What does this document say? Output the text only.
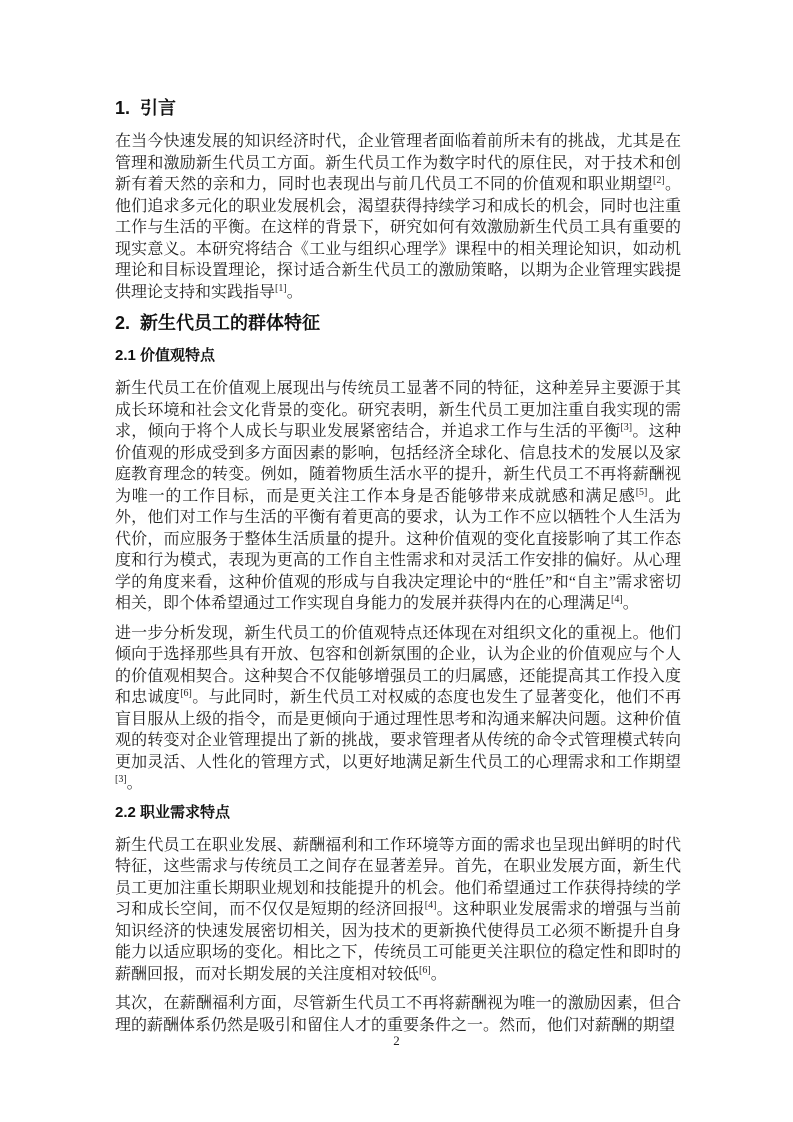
1.  引言

在当今快速发展的知识经济时代，企业管理者面临着前所未有的挑战，尤其是在管理和激励新生代员工方面。新生代员工作为数字时代的原住民，对于技术和创新有着天然的亲和力，同时也表现出与前几代员工不同的价值观和职业期望[2]。他们追求多元化的职业发展机会，渴望获得持续学习和成长的机会，同时也注重工作与生活的平衡。在这样的背景下，研究如何有效激励新生代员工具有重要的现实意义。本研究将结合《工业与组织心理学》课程中的相关理论知识，如动机理论和目标设置理论，探讨适合新生代员工的激励策略，以期为企业管理实践提供理论支持和实践指导[1]。

2.  新生代员工的群体特征
2.1 价值观特点

新生代员工在价值观上展现出与传统员工显著不同的特征，这种差异主要源于其成长环境和社会文化背景的变化。研究表明，新生代员工更加注重自我实现的需求，倾向于将个人成长与职业发展紧密结合，并追求工作与生活的平衡[3]。这种价值观的形成受到多方面因素的影响，包括经济全球化、信息技术的发展以及家庭教育理念的转变。例如，随着物质生活水平的提升，新生代员工不再将薪酬视为唯一的工作目标，而是更关注工作本身是否能够带来成就感和满足感[5]。此外，他们对工作与生活的平衡有着更高的要求，认为工作不应以牺牲个人生活为代价，而应服务于整体生活质量的提升。这种价值观的变化直接影响了其工作态度和行为模式，表现为更高的工作自主性需求和对灵活工作安排的偏好。从心理学的角度来看，这种价值观的形成与自我决定理论中的“胜任”和“自主”需求密切相关，即个体希望通过工作实现自身能力的发展并获得内在的心理满足[4]。

进一步分析发现，新生代员工的价值观特点还体现在对组织文化的重视上。他们倾向于选择那些具有开放、包容和创新氛围的企业，认为企业的价值观应与个人的价值观相契合。这种契合不仅能够增强员工的归属感，还能提高其工作投入度和忠诚度[6]。与此同时，新生代员工对权威的态度也发生了显著变化，他们不再盲目服从上级的指令，而是更倾向于通过理性思考和沟通来解决问题。这种价值观的转变对企业管理提出了新的挑战，要求管理者从传统的命令式管理模式转向更加灵活、人性化的管理方式，以更好地满足新生代员工的心理需求和工作期望[3]。

2.2 职业需求特点

新生代员工在职业发展、薪酬福利和工作环境等方面的需求也呈现出鲜明的时代特征，这些需求与传统员工之间存在显著差异。首先，在职业发展方面，新生代员工更加注重长期职业规划和技能提升的机会。他们希望通过工作获得持续的学习和成长空间，而不仅仅是短期的经济回报[4]。这种职业发展需求的增强与当前知识经济的快速发展密切相关，因为技术的更新换代使得员工必须不断提升自身能力以适应职场的变化。相比之下，传统员工可能更关注职位的稳定性和即时的薪酬回报，而对长期发展的关注度相对较低[6]。

其次，在薪酬福利方面，尽管新生代员工不再将薪酬视为唯一的激励因素，但合理的薪酬体系仍然是吸引和留住人才的重要条件之一。然而，他们对薪酬的期望

2
